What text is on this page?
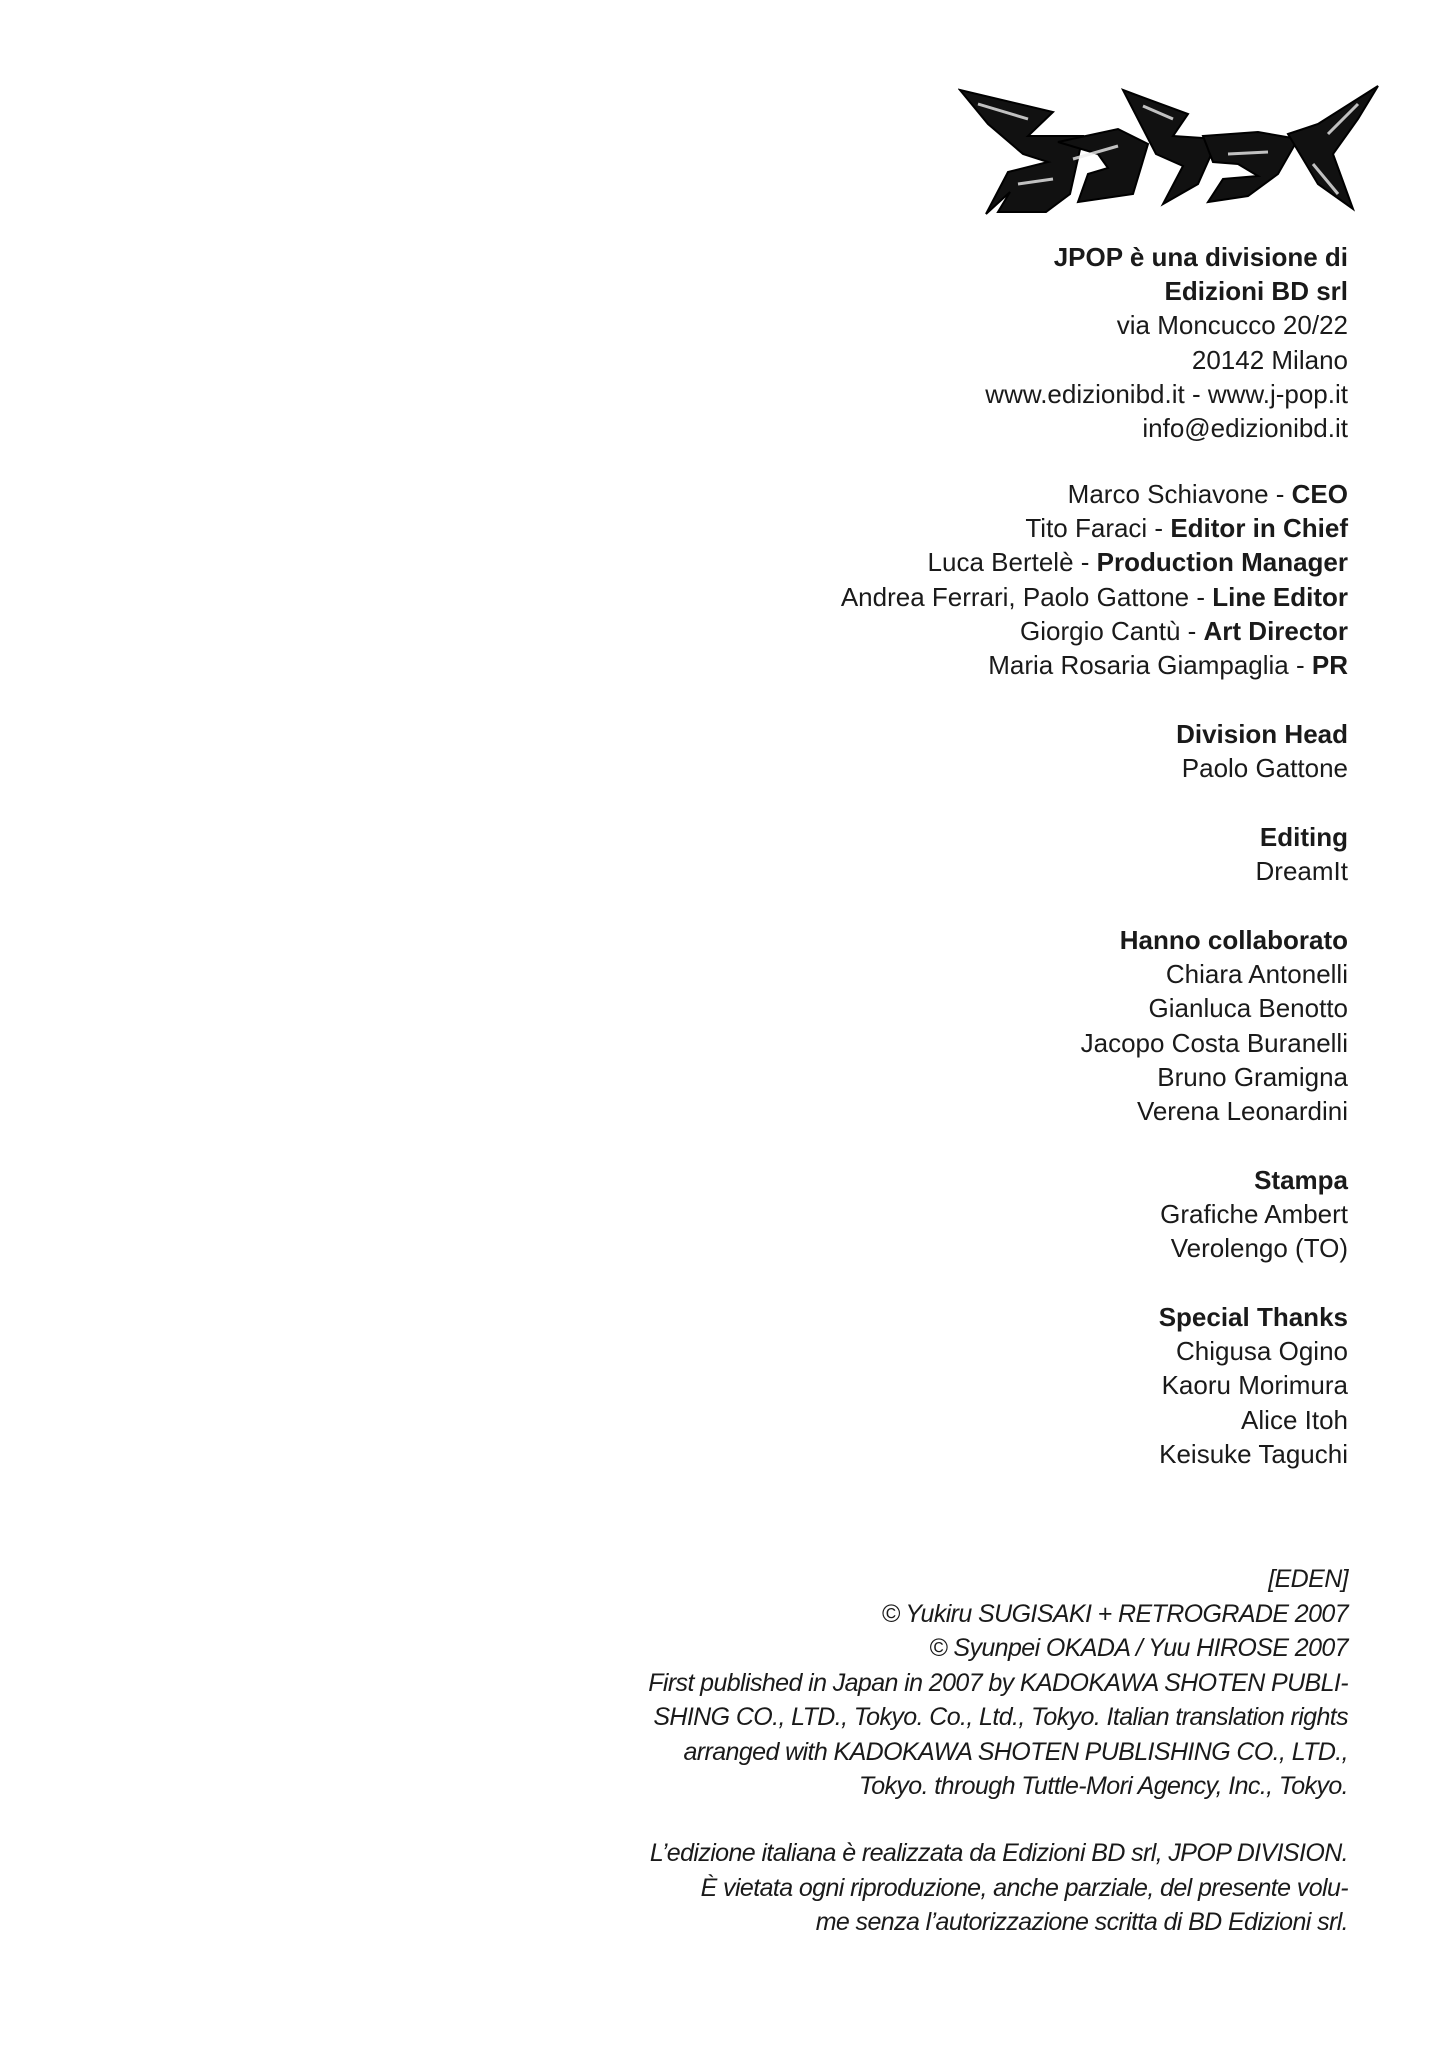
JPOP è una divisione di
Edizioni BD srl
via Moncucco 20/22
20142 Milano
www.edizionibd.it - www.j-pop.it
info@edizionibd.it
Marco Schiavone - CEO
Tito Faraci - Editor in Chief
Luca Bertelè - Production Manager
Andrea Ferrari, Paolo Gattone - Line Editor
Giorgio Cantù - Art Director
Maria Rosaria Giampaglia - PR
Division Head
Paolo Gattone
Editing
DreamIt
Hanno collaborato
Chiara Antonelli
Gianluca Benotto
Jacopo Costa Buranelli
Bruno Gramigna
Verena Leonardini
Stampa
Grafiche Ambert
Verolengo (TO)
Special Thanks
Chigusa Ogino
Kaoru Morimura
Alice Itoh
Keisuke Taguchi
[EDEN]
© Yukiru SUGISAKI + RETROGRADE 2007
© Syunpei OKADA / Yuu HIROSE 2007
First published in Japan in 2007 by KADOKAWA SHOTEN PUBLI-
SHING CO., LTD., Tokyo. Co., Ltd., Tokyo. Italian translation rights
arranged with KADOKAWA SHOTEN PUBLISHING CO., LTD.,
Tokyo. through Tuttle-Mori Agency, Inc., Tokyo.
L’edizione italiana è realizzata da Edizioni BD srl, JPOP DIVISION.
È vietata ogni riproduzione, anche parziale, del presente volu-
me senza l’autorizzazione scritta di BD Edizioni srl.
